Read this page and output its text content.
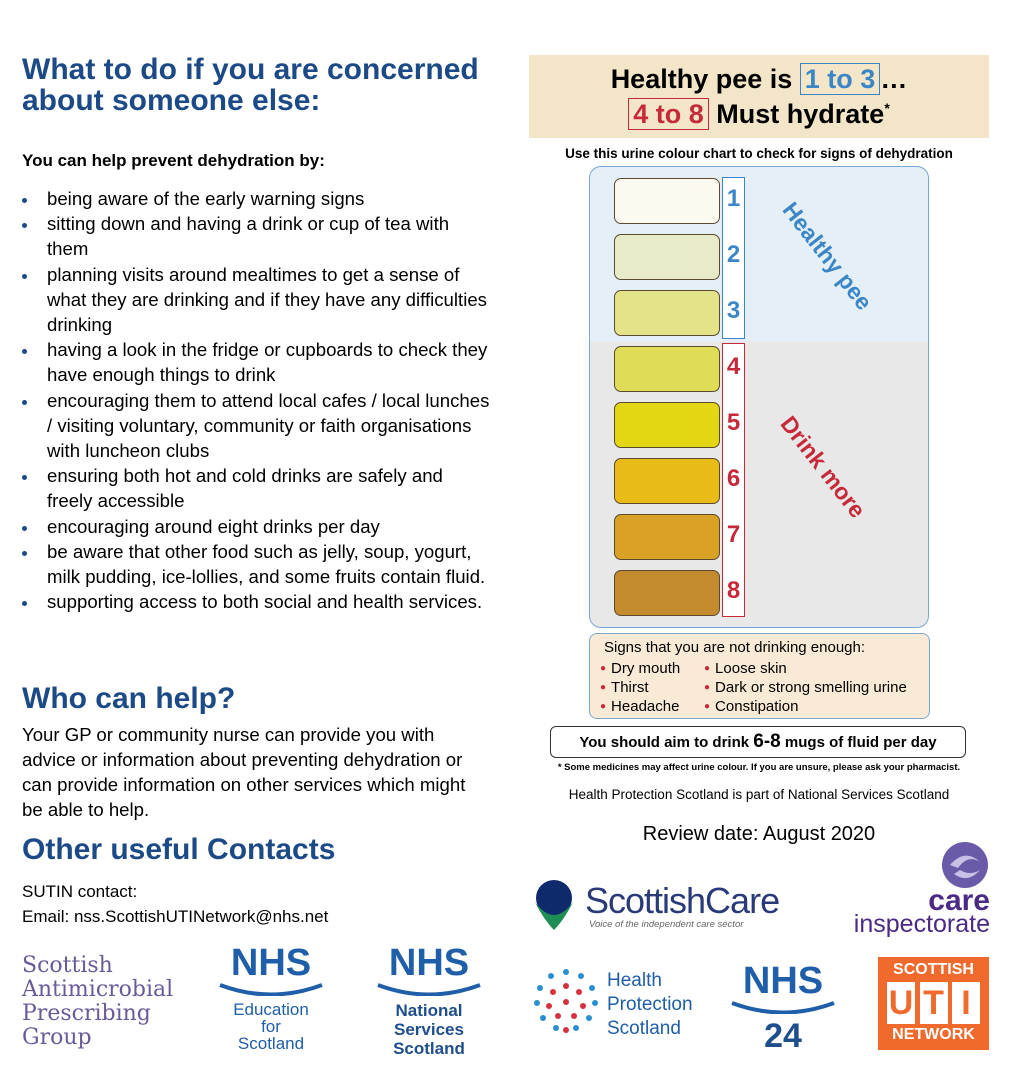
What to do if you are concerned about someone else:
You can help prevent dehydration by:
being aware of the early warning signs
sitting down and having a drink or cup of tea with them
planning visits around mealtimes to get a sense of what they are drinking and if they have any difficulties drinking
having a look in the fridge or cupboards to check they have enough things to drink
encouraging them to attend local cafes / local lunches / visiting voluntary, community or faith organisations with luncheon clubs
ensuring both hot and cold drinks are safely and freely accessible
encouraging around eight drinks per day
be aware that other food such as jelly, soup, yogurt, milk pudding, ice-lollies, and some fruits contain fluid.
supporting access to both social and health services.
Who can help?
Your GP or community nurse can provide you with advice or information about preventing dehydration or can provide information on other services which might be able to help.
Other useful Contacts
SUTIN contact:
Email: nss.ScottishUTINetwork@nhs.net
Healthy pee is 1 to 3 …
4 to 8 Must hydrate*
Use this urine colour chart to check for signs of dehydration
1
2
3
4
5
6
7
8
Healthy pee
Drink more
Signs that you are not drinking enough:
● Dry mouth
● Thirst
● Headache
● Loose skin
● Dark or strong smelling urine
● Constipation
You should aim to drink 6-8 mugs of fluid per day
* Some medicines may affect urine colour. If you are unsure, please ask your pharmacist.
Health Protection Scotland is part of National Services Scotland
Review date: August 2020
ScottishCare
Voice of the independent care sector
care
inspectorate
Scottish
Antimicrobial
Prescribing
Group
NHS
Education
for
Scotland
NHS
National
Services
Scotland
Health
Protection
Scotland
NHS
24
SCOTTISH
U T I
NETWORK
